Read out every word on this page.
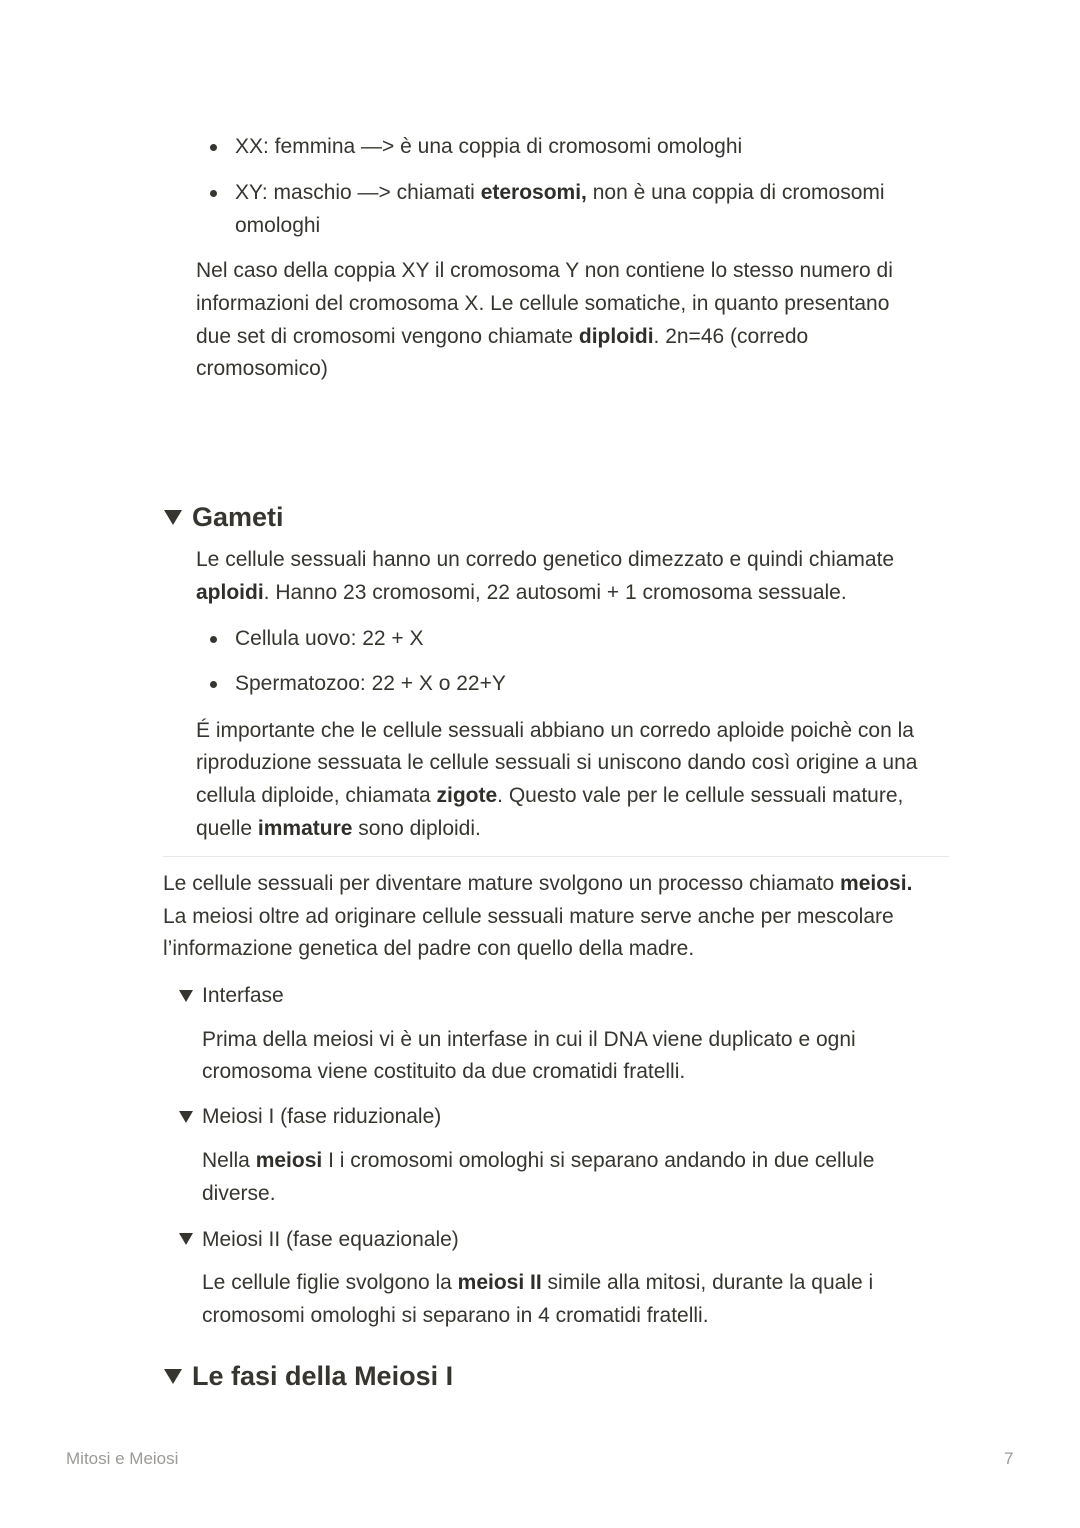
XX: femmina —> è una coppia di cromosomi omologhi
XY: maschio —> chiamati eterosomi, non è una coppia di cromosomi
omologhi
Nel caso della coppia XY il cromosoma Y non contiene lo stesso numero di
informazioni del cromosoma X. Le cellule somatiche, in quanto presentano
due set di cromosomi vengono chiamate diploidi. 2n=46 (corredo
cromosomico)
Gameti
Le cellule sessuali hanno un corredo genetico dimezzato e quindi chiamate
aploidi. Hanno 23 cromosomi, 22 autosomi + 1 cromosoma sessuale.
Cellula uovo: 22 + X
Spermatozoo: 22 + X o 22+Y
É importante che le cellule sessuali abbiano un corredo aploide poichè con la
riproduzione sessuata le cellule sessuali si uniscono dando così origine a una
cellula diploide, chiamata zigote. Questo vale per le cellule sessuali mature,
quelle immature sono diploidi.
Le cellule sessuali per diventare mature svolgono un processo chiamato meiosi.
La meiosi oltre ad originare cellule sessuali mature serve anche per mescolare
l’informazione genetica del padre con quello della madre.
Interfase
Prima della meiosi vi è un interfase in cui il DNA viene duplicato e ogni
cromosoma viene costituito da due cromatidi fratelli.
Meiosi I (fase riduzionale)
Nella meiosi I i cromosomi omologhi si separano andando in due cellule
diverse.
Meiosi II (fase equazionale)
Le cellule figlie svolgono la meiosi II simile alla mitosi, durante la quale i
cromosomi omologhi si separano in 4 cromatidi fratelli.
Le fasi della Meiosi I
Mitosi e Meiosi	7
